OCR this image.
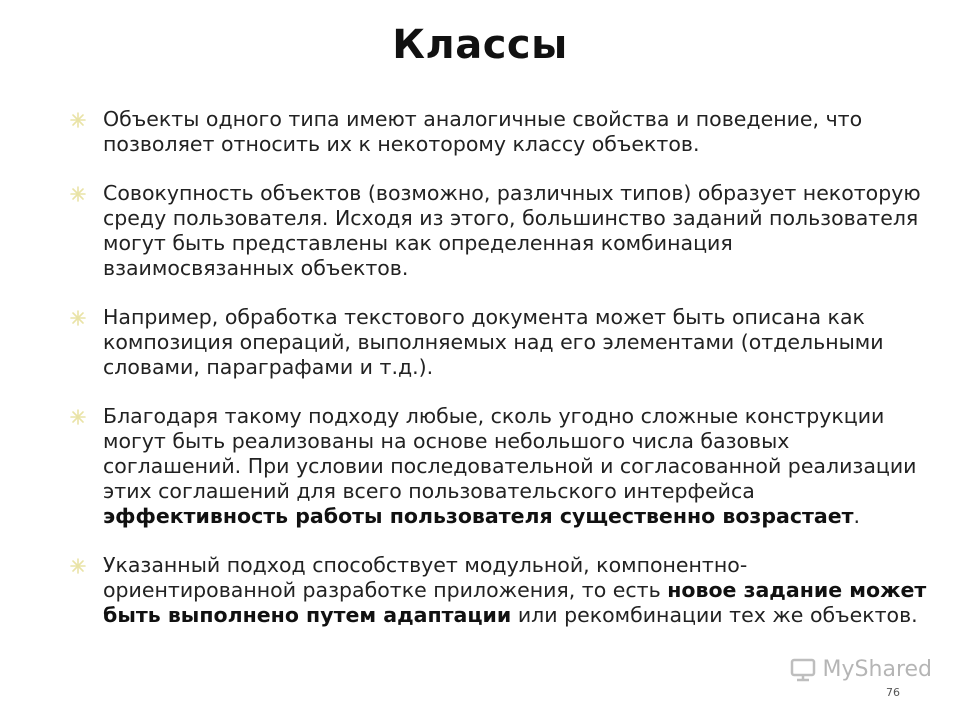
Классы
Объекты одного типа имеют аналогичные свойства и поведение, что позволяет относить их к некоторому классу объектов.
Совокупность объектов (возможно, различных типов) образует некоторую среду пользователя. Исходя из этого, большинство заданий пользователя могут быть представлены как определенная комбинация взаимосвязанных объектов.
Например, обработка текстового документа может быть описана как композиция операций, выполняемых над его элементами (отдельными словами, параграфами и т.д.).
Благодаря такому подходу любые, сколь угодно сложные конструкции могут быть реализованы на основе небольшого числа базовых соглашений. При условии последовательной и согласованной реализации этих соглашений для всего пользовательского интерфейса эффективность работы пользователя существенно возрастает.
Указанный подход способствует модульной, компонентно-ориентированной разработке приложения, то есть новое задание может быть выполнено путем адаптации или рекомбинации тех же объектов.
MyShared
76
